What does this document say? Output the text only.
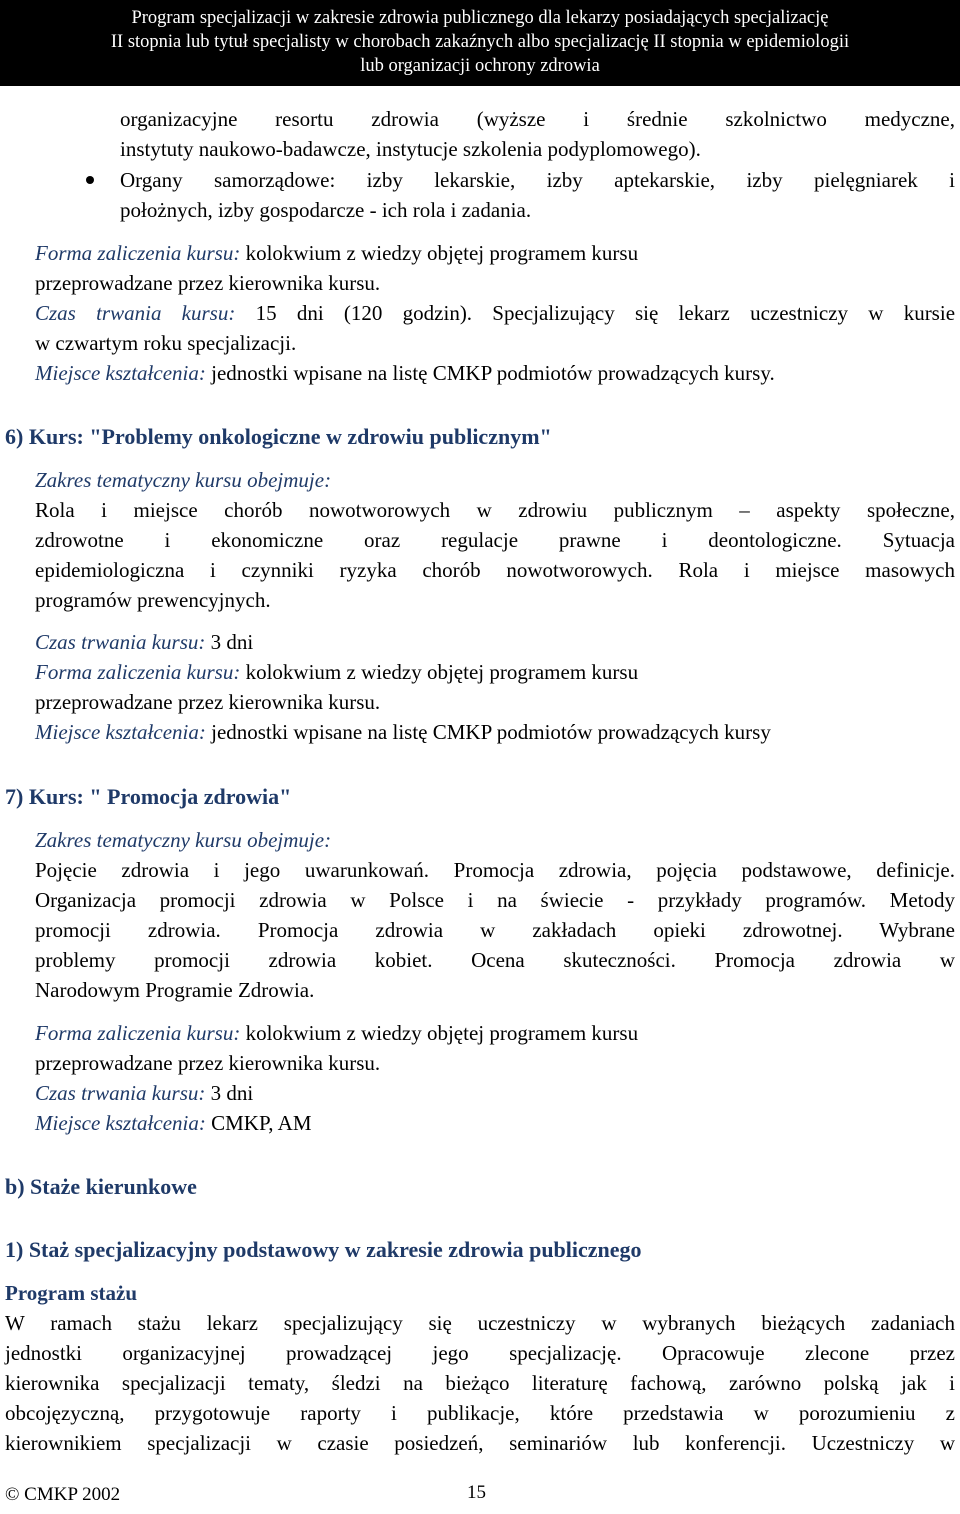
Program specjalizacji w zakresie zdrowia publicznego dla lekarzy posiadających specjalizację
II stopnia lub tytuł specjalisty w chorobach zakaźnych albo specjalizację II stopnia w epidemiologii
lub organizacji ochrony zdrowia
organizacyjne resortu zdrowia (wyższe i średnie szkolnictwo medyczne,
instytuty naukowo-badawcze, instytucje szkolenia podyplomowego).
Organy samorządowe: izby lekarskie, izby aptekarskie, izby pielęgniarek i
położnych, izby gospodarcze - ich rola i zadania.
Forma zaliczenia kursu: kolokwium z wiedzy objętej programem kursu
przeprowadzane przez kierownika kursu.
Czas trwania kursu: 15 dni (120 godzin). Specjalizujący się lekarz uczestniczy w kursie
w czwartym roku specjalizacji.
Miejsce kształcenia: jednostki wpisane na listę CMKP podmiotów prowadzących kursy.
6) Kurs: "Problemy onkologiczne w zdrowiu publicznym"
Zakres tematyczny kursu obejmuje:
Rola i miejsce chorób nowotworowych w zdrowiu publicznym – aspekty społeczne,
zdrowotne i ekonomiczne oraz regulacje prawne i deontologiczne. Sytuacja
epidemiologiczna i czynniki ryzyka chorób nowotworowych. Rola i miejsce masowych
programów prewencyjnych.
Czas trwania kursu: 3 dni
Forma zaliczenia kursu: kolokwium z wiedzy objętej programem kursu
przeprowadzane przez kierownika kursu.
Miejsce kształcenia: jednostki wpisane na listę CMKP podmiotów prowadzących kursy
7) Kurs: " Promocja zdrowia"
Zakres tematyczny kursu obejmuje:
Pojęcie zdrowia i jego uwarunkowań. Promocja zdrowia, pojęcia podstawowe, definicje.
Organizacja promocji zdrowia w Polsce i na świecie - przykłady programów. Metody
promocji zdrowia. Promocja zdrowia w zakładach opieki zdrowotnej. Wybrane
problemy promocji zdrowia kobiet. Ocena skuteczności. Promocja zdrowia w
Narodowym Programie Zdrowia.
Forma zaliczenia kursu: kolokwium z wiedzy objętej programem kursu
przeprowadzane przez kierownika kursu.
Czas trwania kursu: 3 dni
Miejsce kształcenia: CMKP, AM
b) Staże kierunkowe
1) Staż specjalizacyjny podstawowy w zakresie zdrowia publicznego
Program stażu
W ramach stażu lekarz specjalizujący się uczestniczy w wybranych bieżących zadaniach
jednostki organizacyjnej prowadzącej jego specjalizację. Opracowuje zlecone przez
kierownika specjalizacji tematy, śledzi na bieżąco literaturę fachową, zarówno polską jak i
obcojęzyczną, przygotowuje raporty i publikacje, które przedstawia w porozumieniu z
kierownikiem specjalizacji w czasie posiedzeń, seminariów lub konferencji. Uczestniczy w
© CMKP 2002	15
